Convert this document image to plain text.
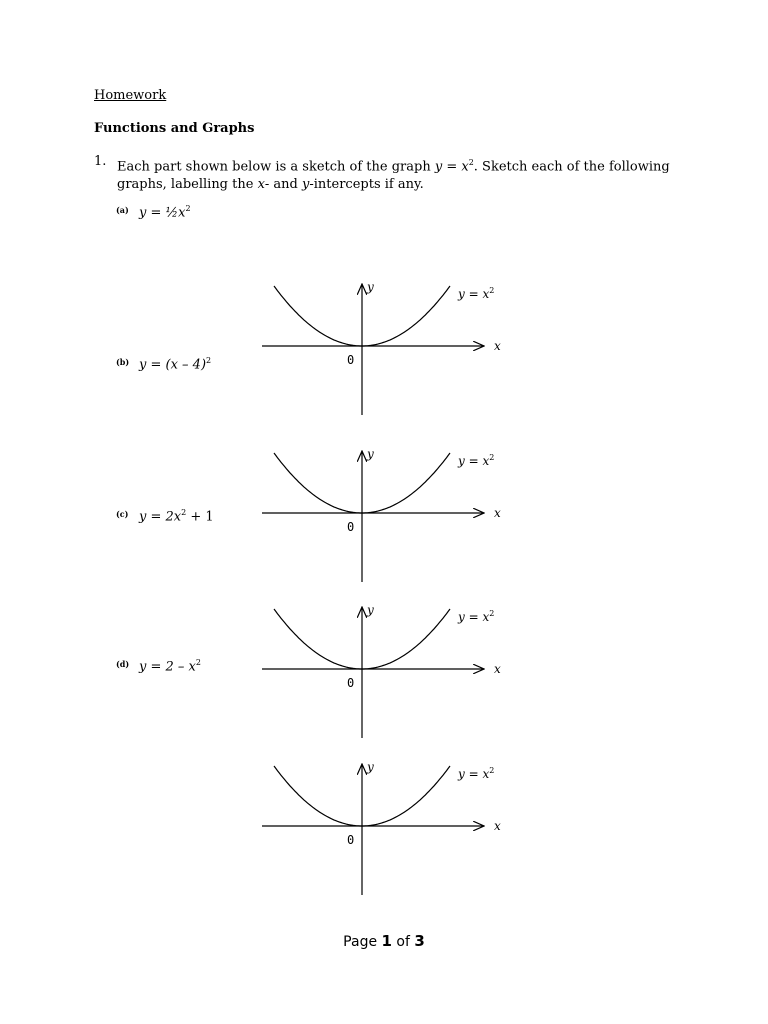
Homework
Functions and Graphs
1. Each part shown below is a sketch of the graph $y = x^2$. Sketch each of the following
graphs, labelling the x- and y-intercepts if any.
(a) $y = \frac{1}{2}x^2$
(b) y = (x – 4)$^2$
(c) $y = 2x^2 + 1$
(d) $y = 2 - x^2$
y
x
0
$y = x^2$
y
x
0
$y = x^2$
y
x
0
$y = x^2$
y
x
0
$y = x^2$
Page 1 of 3
